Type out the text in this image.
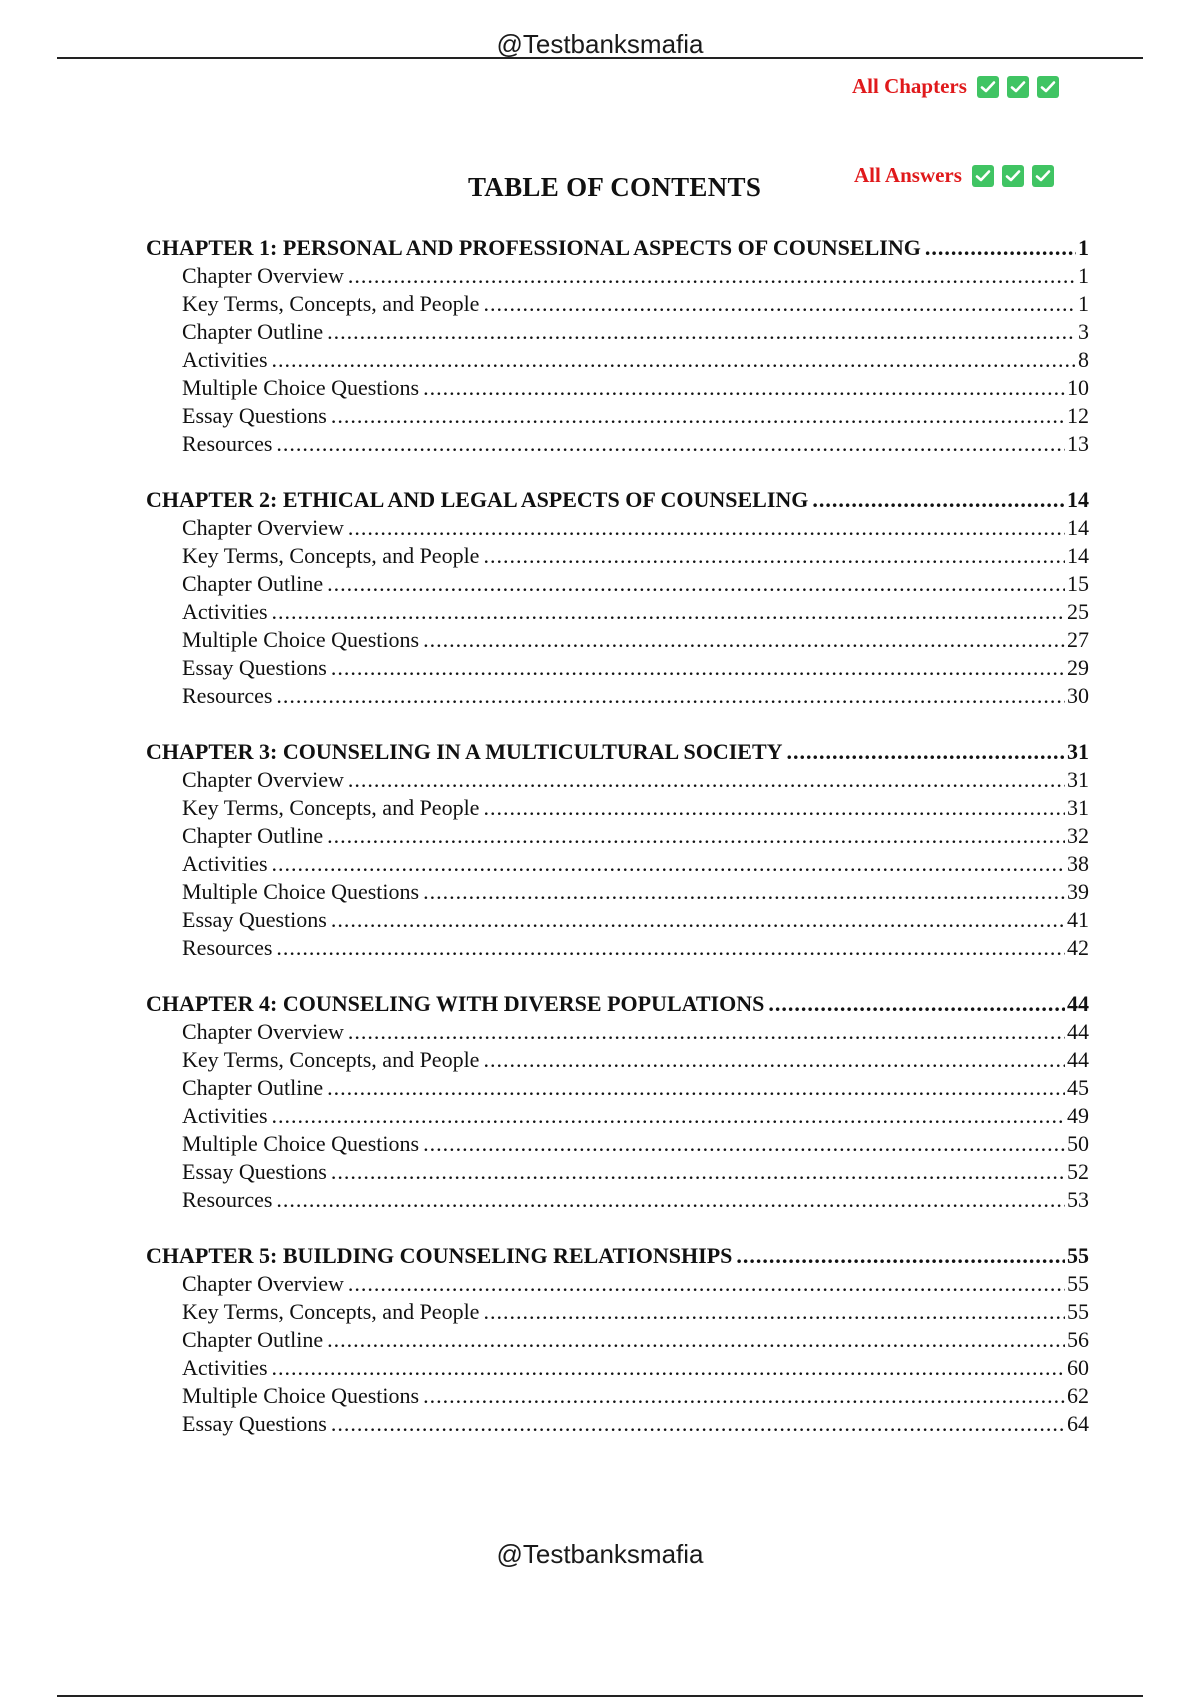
@Testbanksmafia
All Chapters
All Answers
TABLE OF CONTENTS
CHAPTER 1: PERSONAL AND PROFESSIONAL ASPECTS OF COUNSELING .....	1
Chapter Overview .....	1
Key Terms, Concepts, and People .....	1
Chapter Outline .....	3
Activities .....	8
Multiple Choice Questions .....	10
Essay Questions .....	12
Resources .....	13
CHAPTER 2: ETHICAL AND LEGAL ASPECTS OF COUNSELING .....	14
Chapter Overview .....	14
Key Terms, Concepts, and People .....	14
Chapter Outline .....	15
Activities .....	25
Multiple Choice Questions .....	27
Essay Questions .....	29
Resources .....	30
CHAPTER 3: COUNSELING IN A MULTICULTURAL SOCIETY .....	31
Chapter Overview .....	31
Key Terms, Concepts, and People .....	31
Chapter Outline .....	32
Activities .....	38
Multiple Choice Questions .....	39
Essay Questions .....	41
Resources .....	42
CHAPTER 4: COUNSELING WITH DIVERSE POPULATIONS .....	44
Chapter Overview .....	44
Key Terms, Concepts, and People .....	44
Chapter Outline .....	45
Activities .....	49
Multiple Choice Questions .....	50
Essay Questions .....	52
Resources .....	53
CHAPTER 5: BUILDING COUNSELING RELATIONSHIPS .....	55
Chapter Overview .....	55
Key Terms, Concepts, and People .....	55
Chapter Outline .....	56
Activities .....	60
Multiple Choice Questions .....	62
Essay Questions .....	64
@Testbanksmafia
